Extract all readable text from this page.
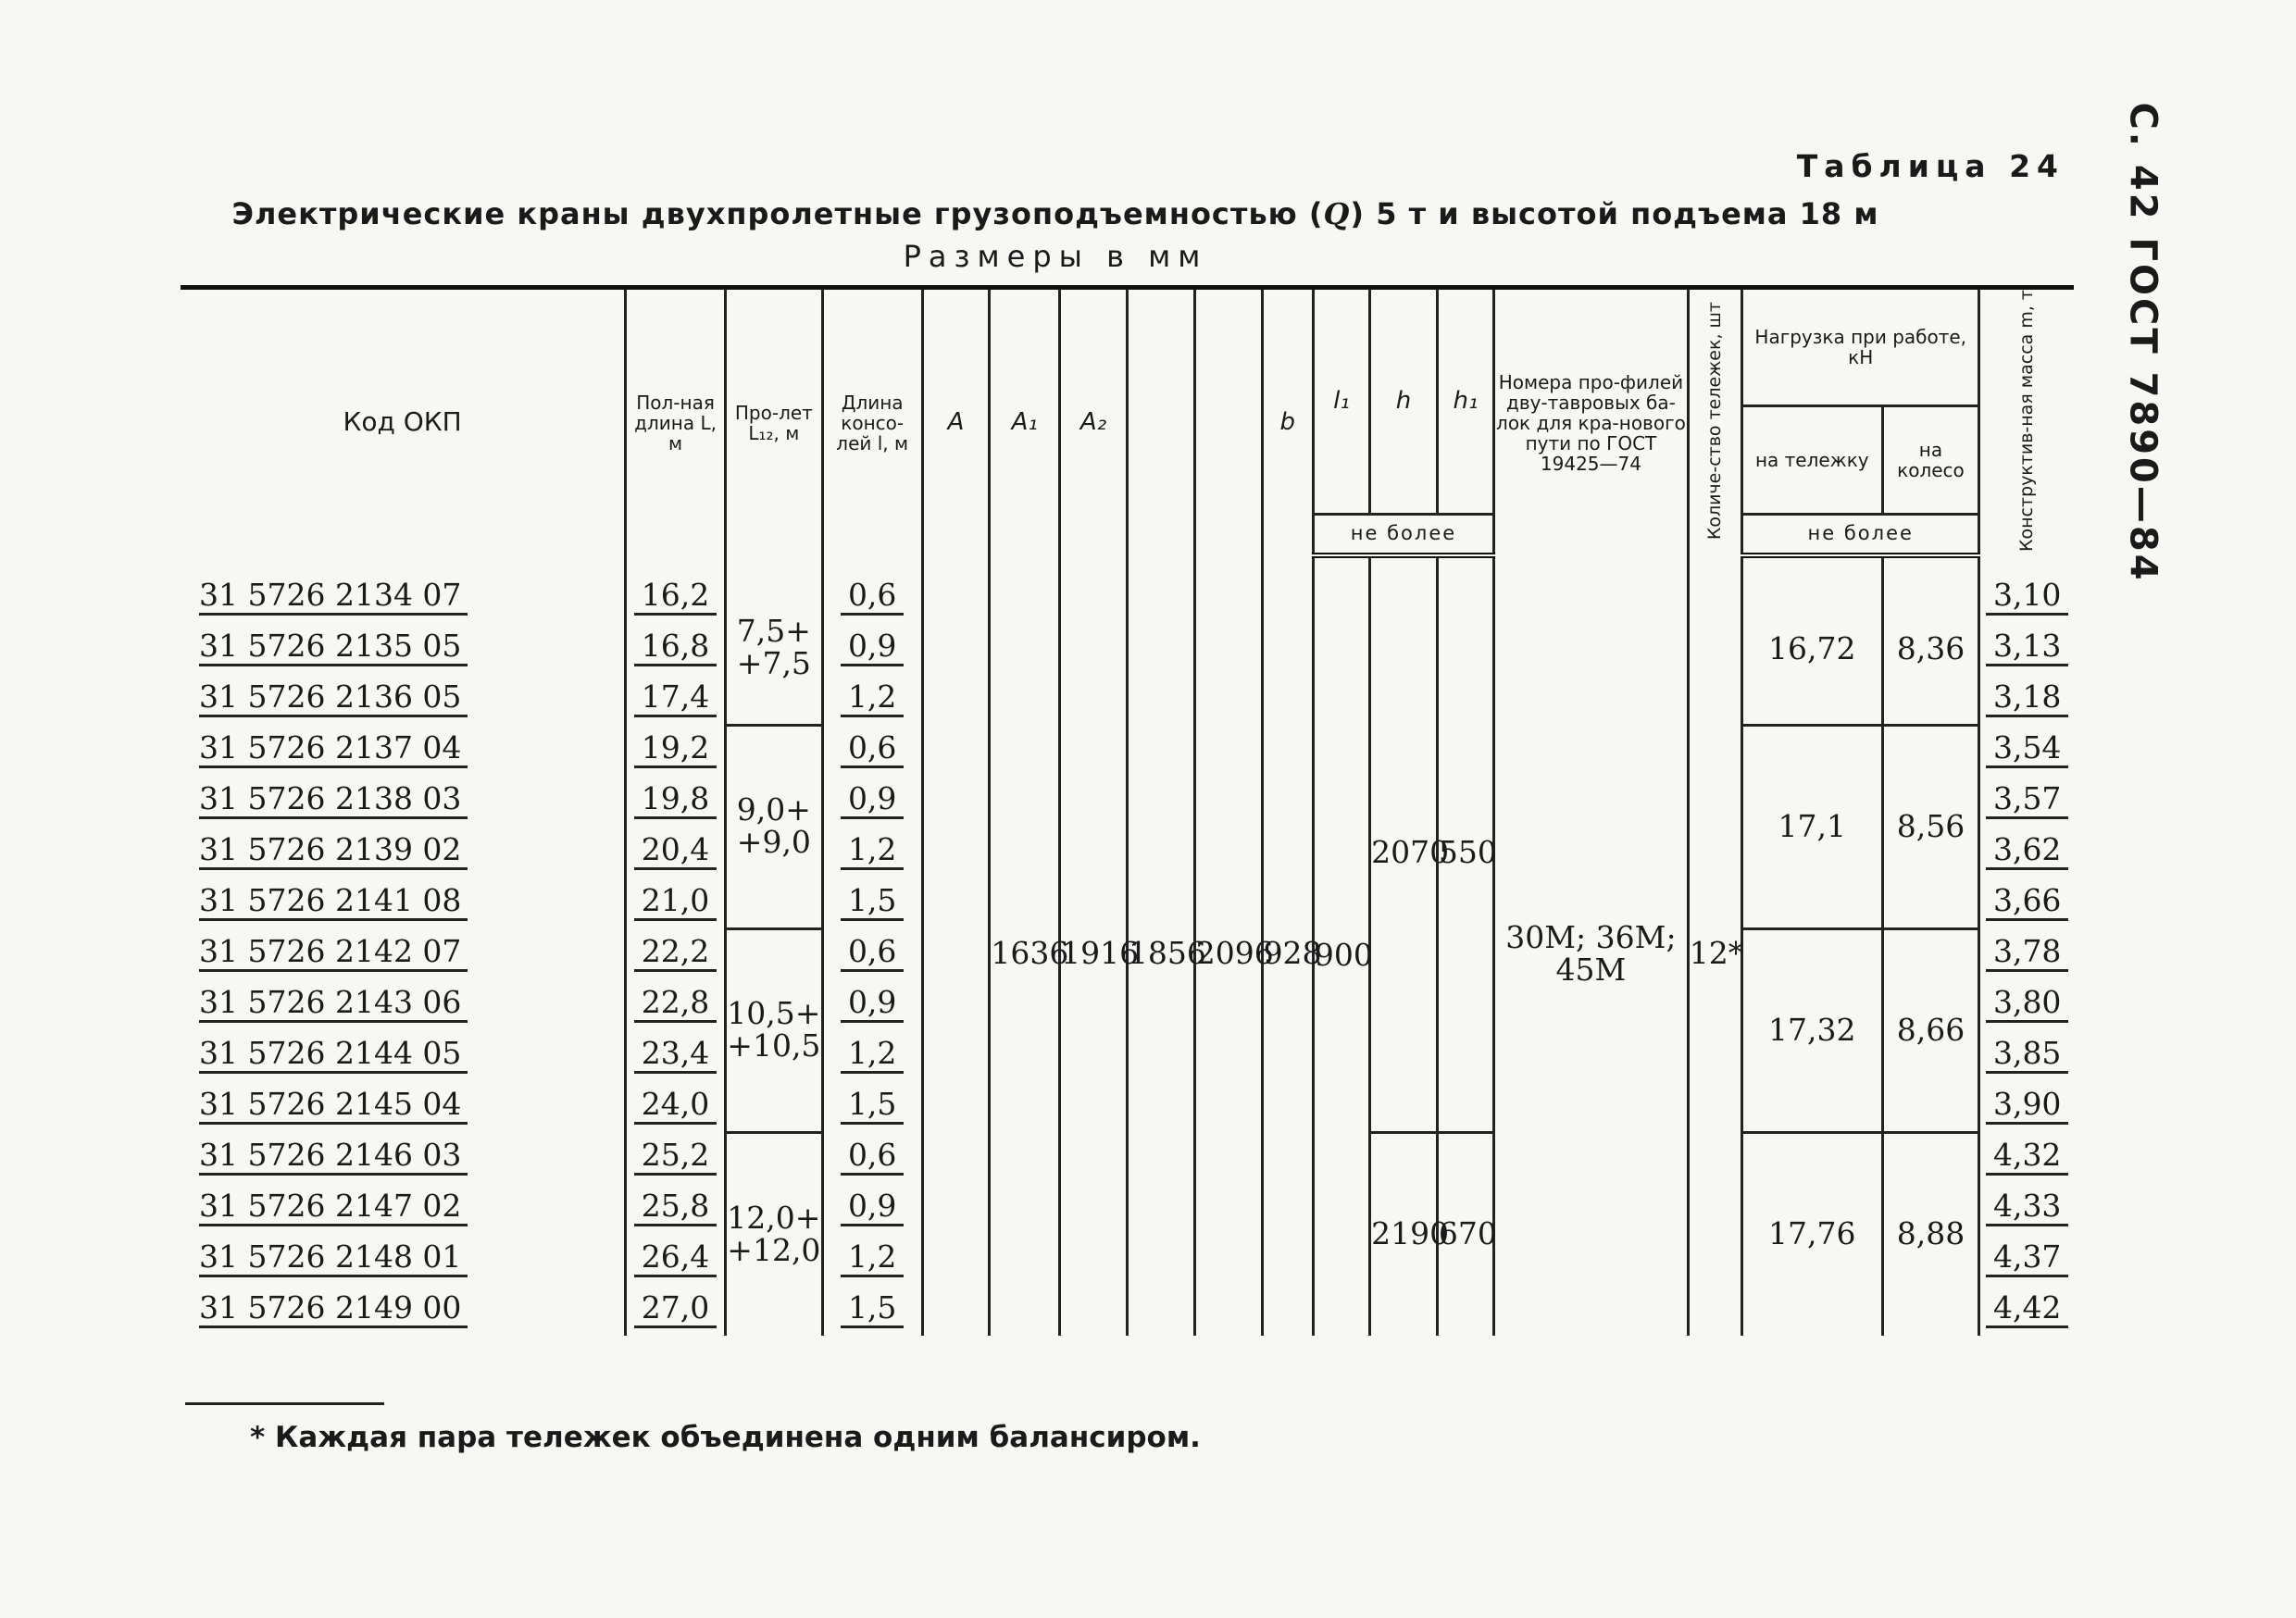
С. 42 ГОСТ 7890—84
Таблица 24
Электрические краны двухпролетные грузоподъемностью (Q) 5 т и высотой подъема 18 м
Размеры в мм
Код ОКП	Пол-ная длина L, м	Про-лет L₁₂, м	Длина консо-лей l, м	A	A₁	A₂			b	l₁	h	h₁	Номера про-филей дву-тавровых ба-лок для кра-нового пути по ГОСТ 19425—74	Количе-ство тележек, шт	Нагрузка при работе, кН		Конструктив-ная масса m, т
															на тележку	на колесо	
										не более					не более		
31 5726 2134 07	16,2	7,5+ +7,5	0,6		1636	1916	1856	2096	928	900	2070	550	30М; 36М; 45М	12*	16,72	8,36	3,10
31 5726 2135 05	16,8		0,9														3,13
31 5726 2136 05	17,4		1,2														3,18
31 5726 2137 04	19,2	9,0+ +9,0	0,6												17,1	8,56	3,54
31 5726 2138 03	19,8		0,9														3,57
31 5726 2139 02	20,4		1,2														3,62
31 5726 2141 08	21,0		1,5														3,66
31 5726 2142 07	22,2	10,5+ +10,5	0,6												17,32	8,66	3,78
31 5726 2143 06	22,8		0,9														3,80
31 5726 2144 05	23,4		1,2														3,85
31 5726 2145 04	24,0		1,5														3,90
31 5726 2146 03	25,2	12,0+ +12,0	0,6								2190	670			17,76	8,88	4,32
31 5726 2147 02	25,8		0,9														4,33
31 5726 2148 01	26,4		1,2														4,37
31 5726 2149 00	27,0		1,5														4,42
* Каждая пара тележек объединена одним балансиром.
